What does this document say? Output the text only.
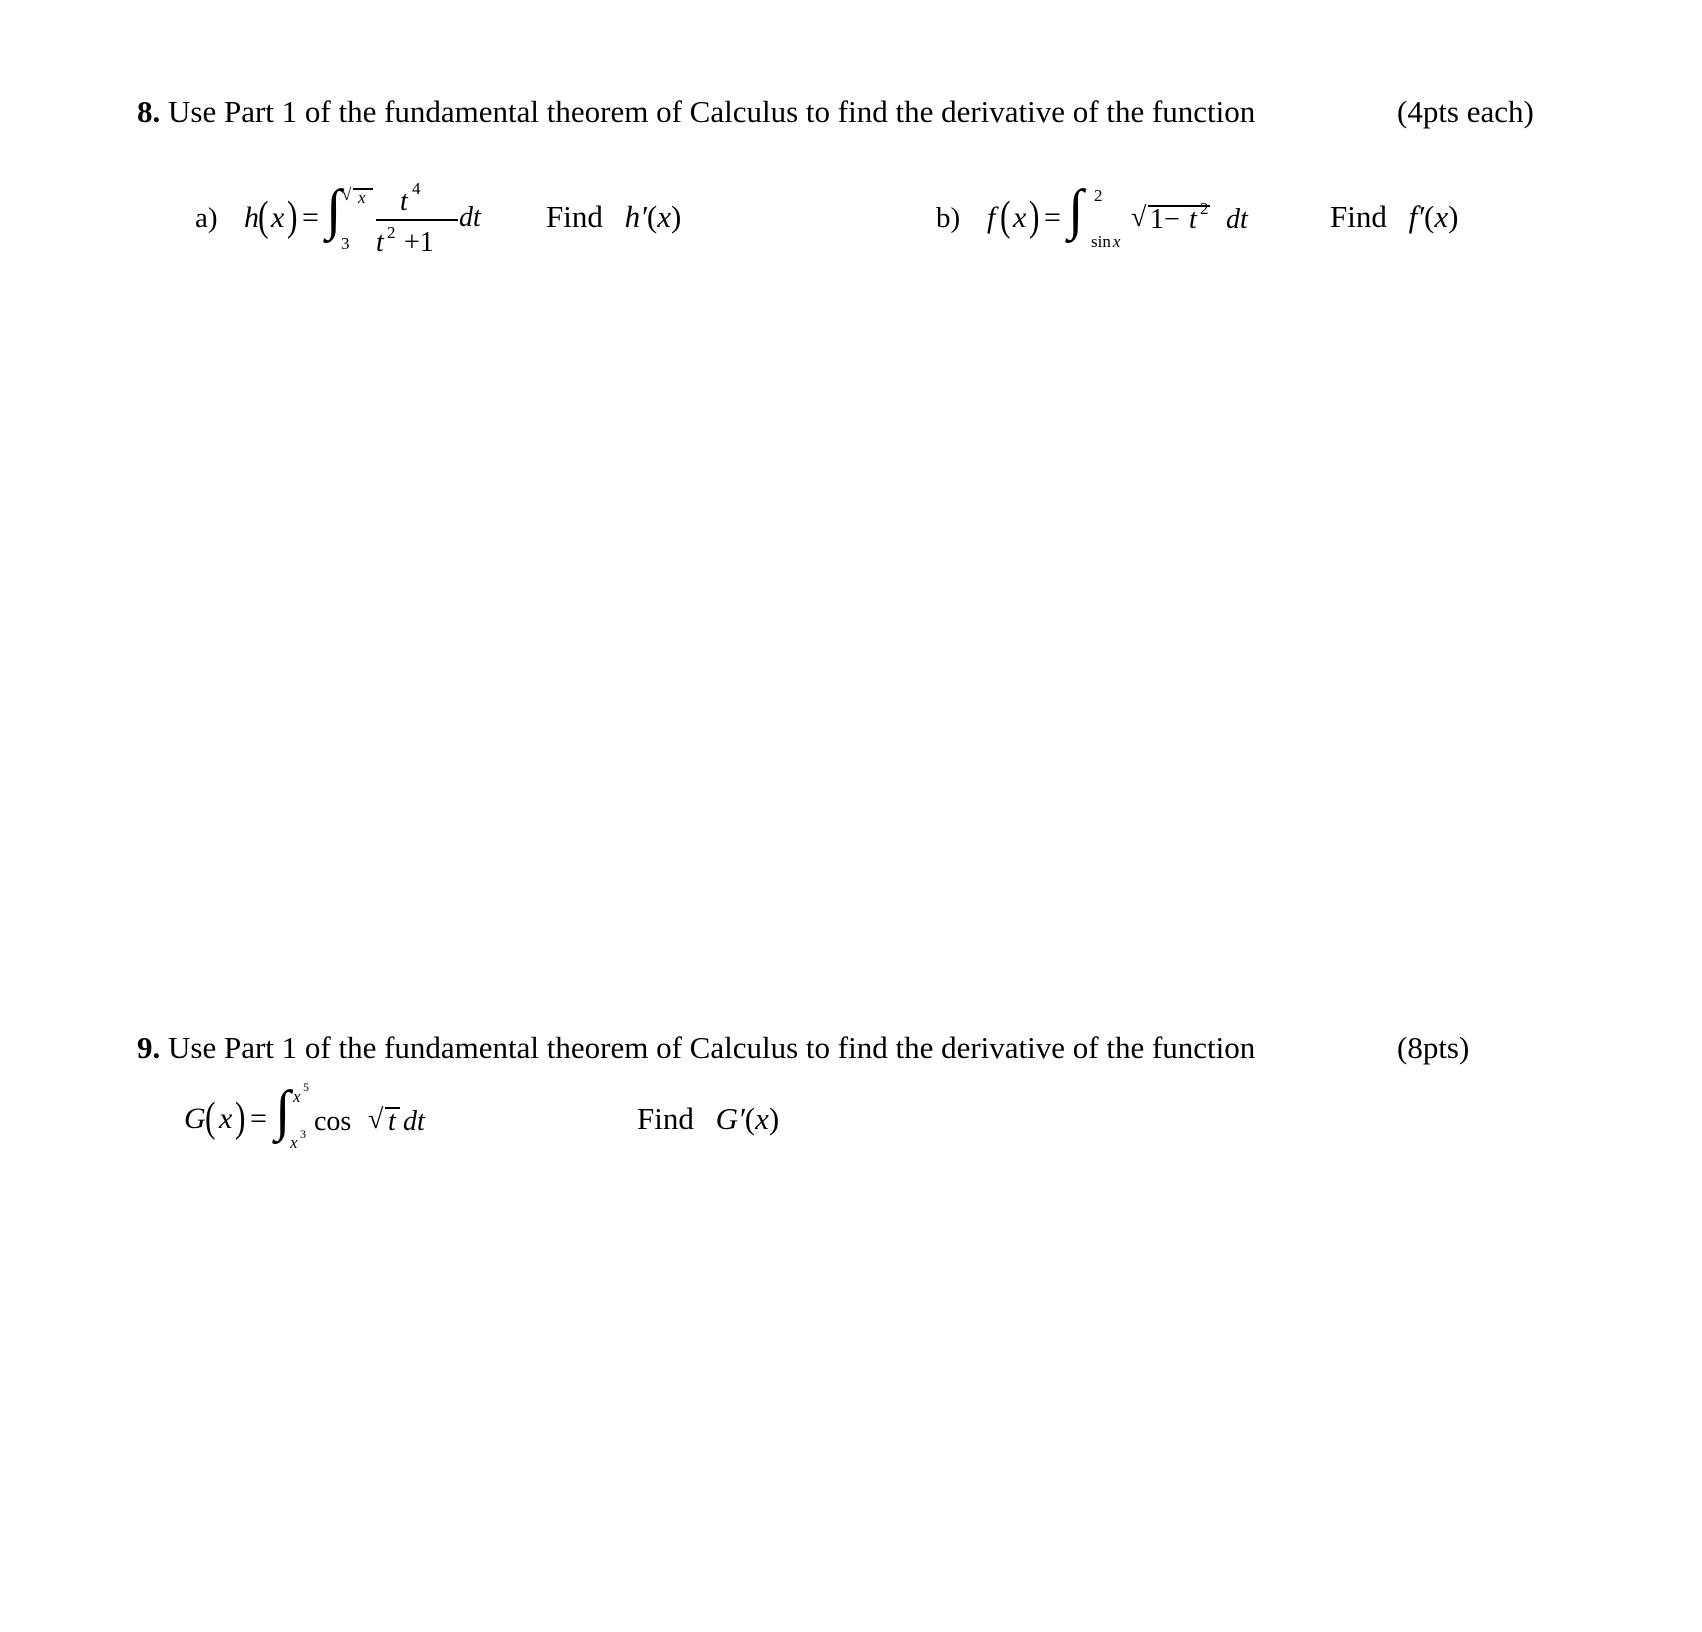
8. Use Part 1 of the fundamental theorem of Calculus to find the derivative of the function	(4pts each)
a) h ( x ) = ∫ √ x
3
t 4
t 2 +1
dt Find h′(x)	b) f ( x ) = ∫ 2
sin x
√ 1− t 2 dt	Find f′(x)
9. Use Part 1 of the fundamental theorem of Calculus to find the derivative of the function	(8pts)
G ( x ) = ∫ x 5
x 3 cos √ t dt	Find G′(x)
